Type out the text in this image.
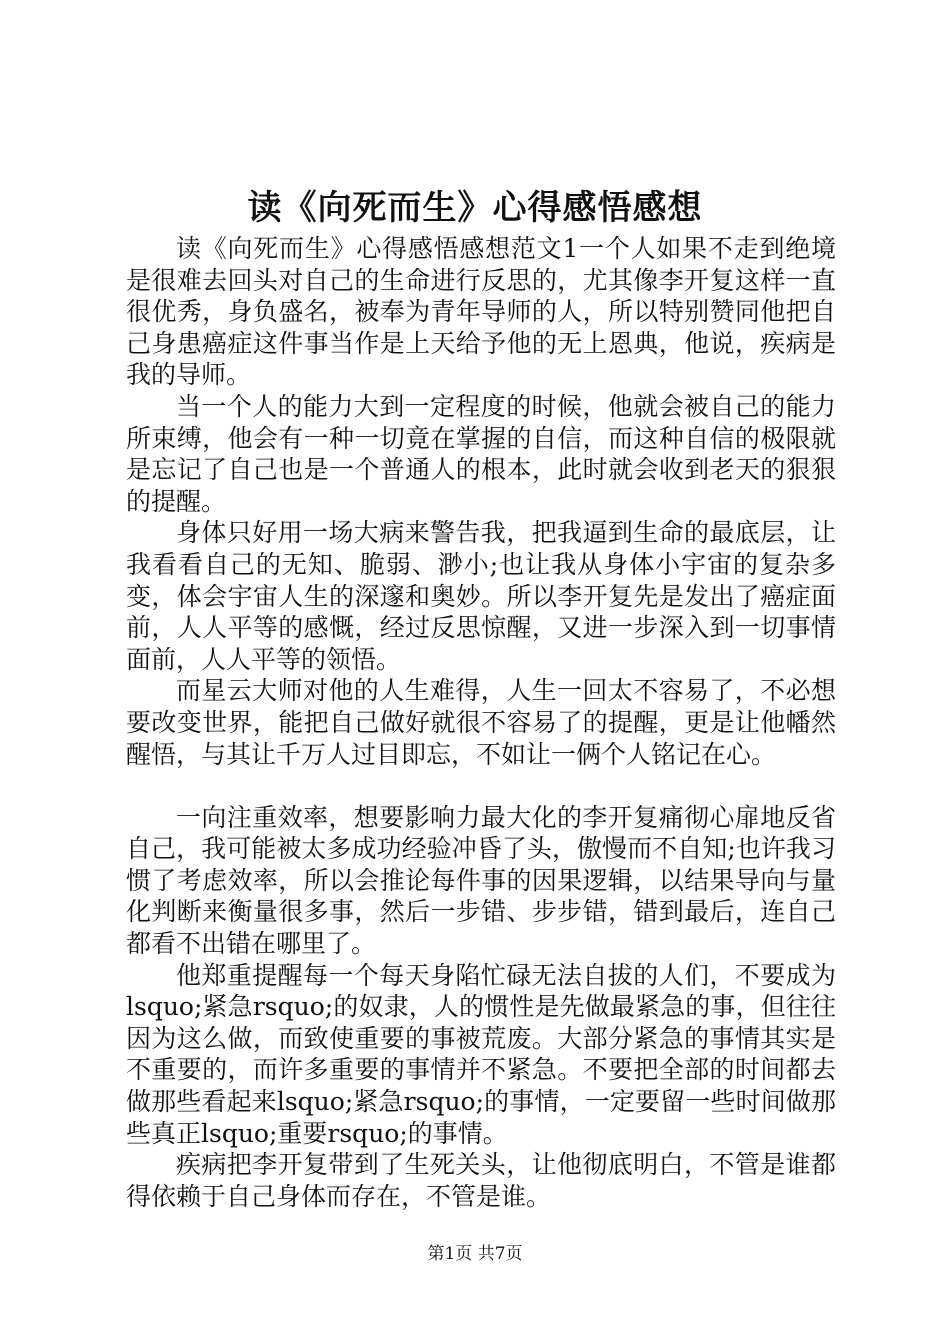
读《向死而生》心得感悟感想

读《向死而生》心得感悟感想范文1一个人如果不走到绝境是很难去回头对自己的生命进行反思的，尤其像李开复这样一直很优秀，身负盛名，被奉为青年导师的人，所以特别赞同他把自己身患癌症这件事当作是上天给予他的无上恩典，他说，疾病是我的导师。

当一个人的能力大到一定程度的时候，他就会被自己的能力所束缚，他会有一种一切竟在掌握的自信，而这种自信的极限就是忘记了自己也是一个普通人的根本，此时就会收到老天的狠狠的提醒。

身体只好用一场大病来警告我，把我逼到生命的最底层，让我看看自己的无知、脆弱、渺小;也让我从身体小宇宙的复杂多变，体会宇宙人生的深邃和奥妙。所以李开复先是发出了癌症面前，人人平等的感慨，经过反思惊醒，又进一步深入到一切事情面前，人人平等的领悟。

而星云大师对他的人生难得，人生一回太不容易了，不必想要改变世界，能把自己做好就很不容易了的提醒，更是让他幡然醒悟，与其让千万人过目即忘，不如让一俩个人铭记在心。

一向注重效率，想要影响力最大化的李开复痛彻心扉地反省自己，我可能被太多成功经验冲昏了头，傲慢而不自知;也许我习惯了考虑效率，所以会推论每件事的因果逻辑，以结果导向与量化判断来衡量很多事，然后一步错、步步错，错到最后，连自己都看不出错在哪里了。

他郑重提醒每一个每天身陷忙碌无法自拔的人们，不要成为lsquo;紧急rsquo;的奴隶，人的惯性是先做最紧急的事，但往往因为这么做，而致使重要的事被荒废。大部分紧急的事情其实是不重要的，而许多重要的事情并不紧急。不要把全部的时间都去做那些看起来lsquo;紧急rsquo;的事情，一定要留一些时间做那些真正lsquo;重要rsquo;的事情。

疾病把李开复带到了生死关头，让他彻底明白，不管是谁都得依赖于自己身体而存在，不管是谁。

第1页 共7页
